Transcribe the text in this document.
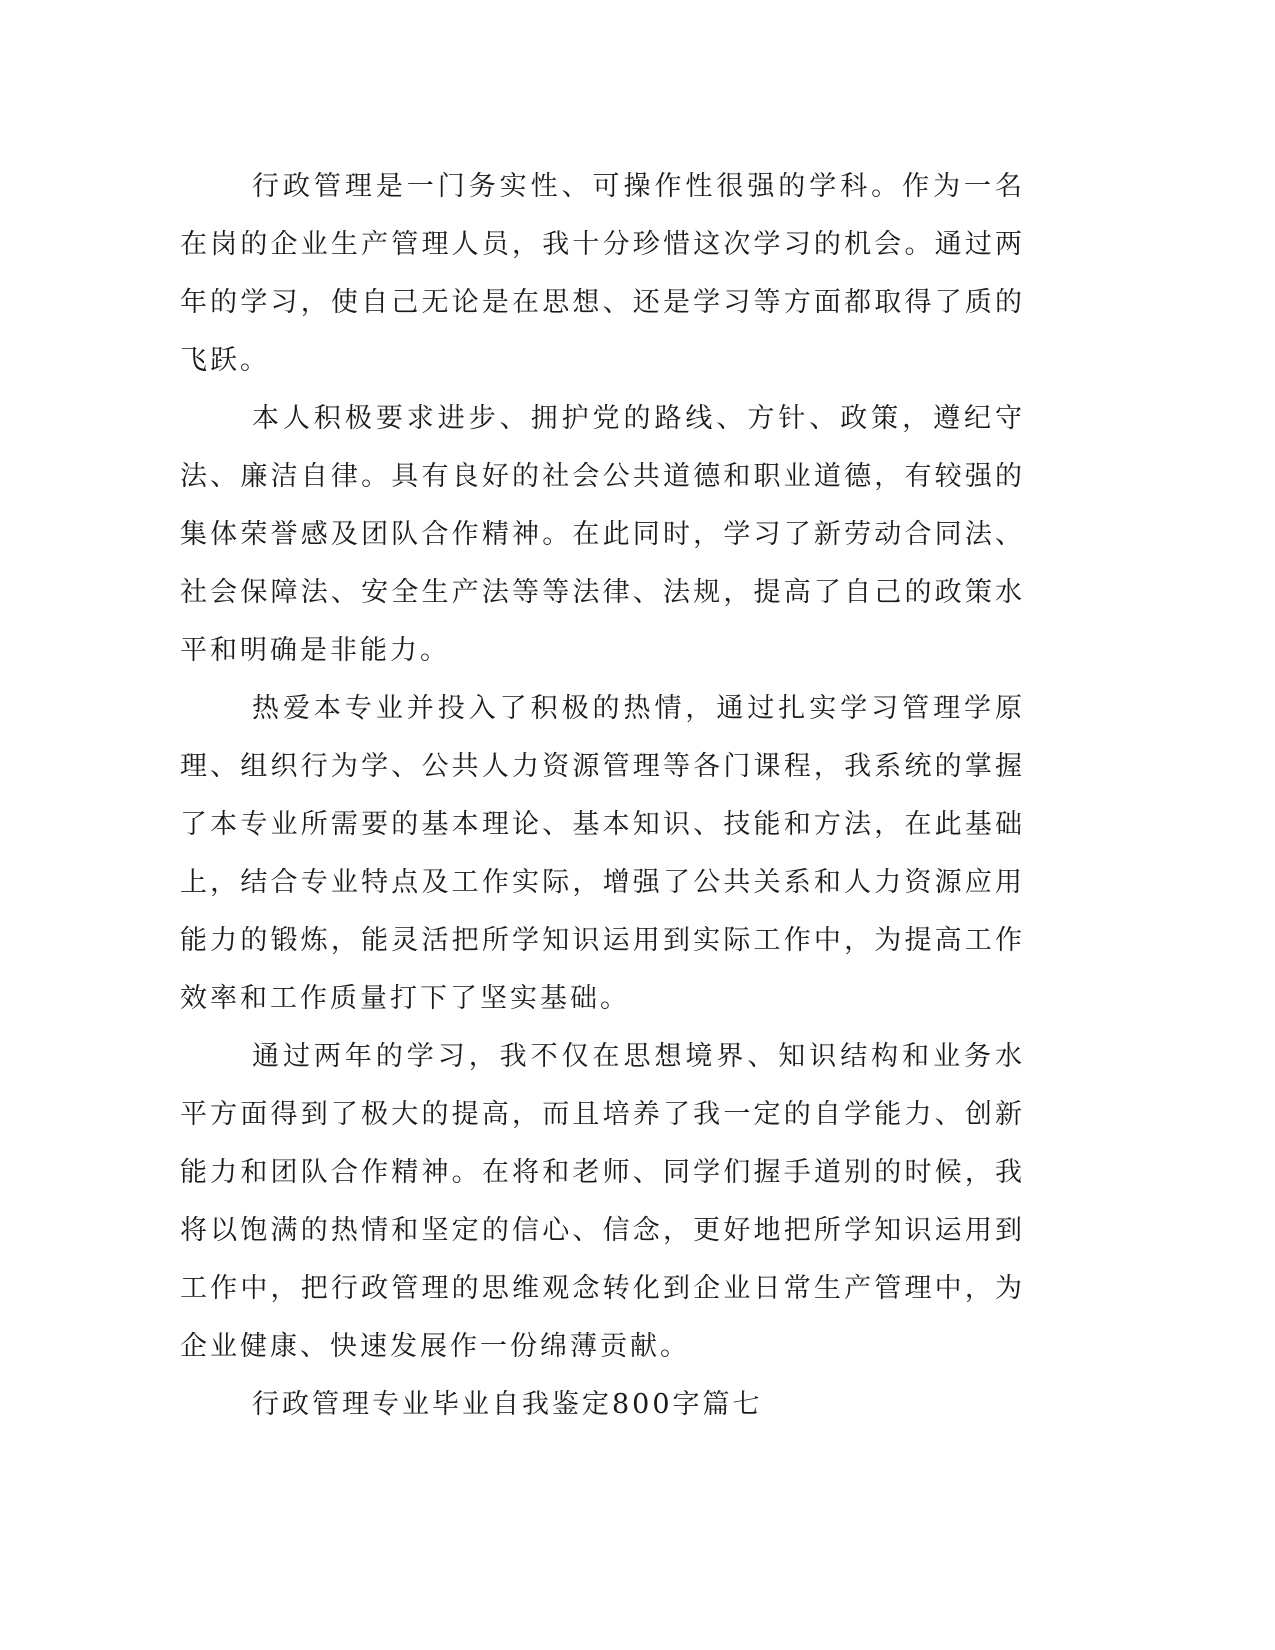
行政管理是一门务实性、可操作性很强的学科。作为一名在岗的企业生产管理人员，我十分珍惜这次学习的机会。通过两年的学习，使自己无论是在思想、还是学习等方面都取得了质的飞跃。

本人积极要求进步、拥护党的路线、方针、政策，遵纪守法、廉洁自律。具有良好的社会公共道德和职业道德，有较强的集体荣誉感及团队合作精神。在此同时，学习了新劳动合同法、社会保障法、安全生产法等等法律、法规，提高了自己的政策水平和明确是非能力。

热爱本专业并投入了积极的热情，通过扎实学习管理学原理、组织行为学、公共人力资源管理等各门课程，我系统的掌握了本专业所需要的基本理论、基本知识、技能和方法，在此基础上，结合专业特点及工作实际，增强了公共关系和人力资源应用能力的锻炼，能灵活把所学知识运用到实际工作中，为提高工作效率和工作质量打下了坚实基础。

通过两年的学习，我不仅在思想境界、知识结构和业务水平方面得到了极大的提高，而且培养了我一定的自学能力、创新能力和团队合作精神。在将和老师、同学们握手道别的时候，我将以饱满的热情和坚定的信心、信念，更好地把所学知识运用到工作中，把行政管理的思维观念转化到企业日常生产管理中，为企业健康、快速发展作一份绵薄贡献。

行政管理专业毕业自我鉴定800字篇七
